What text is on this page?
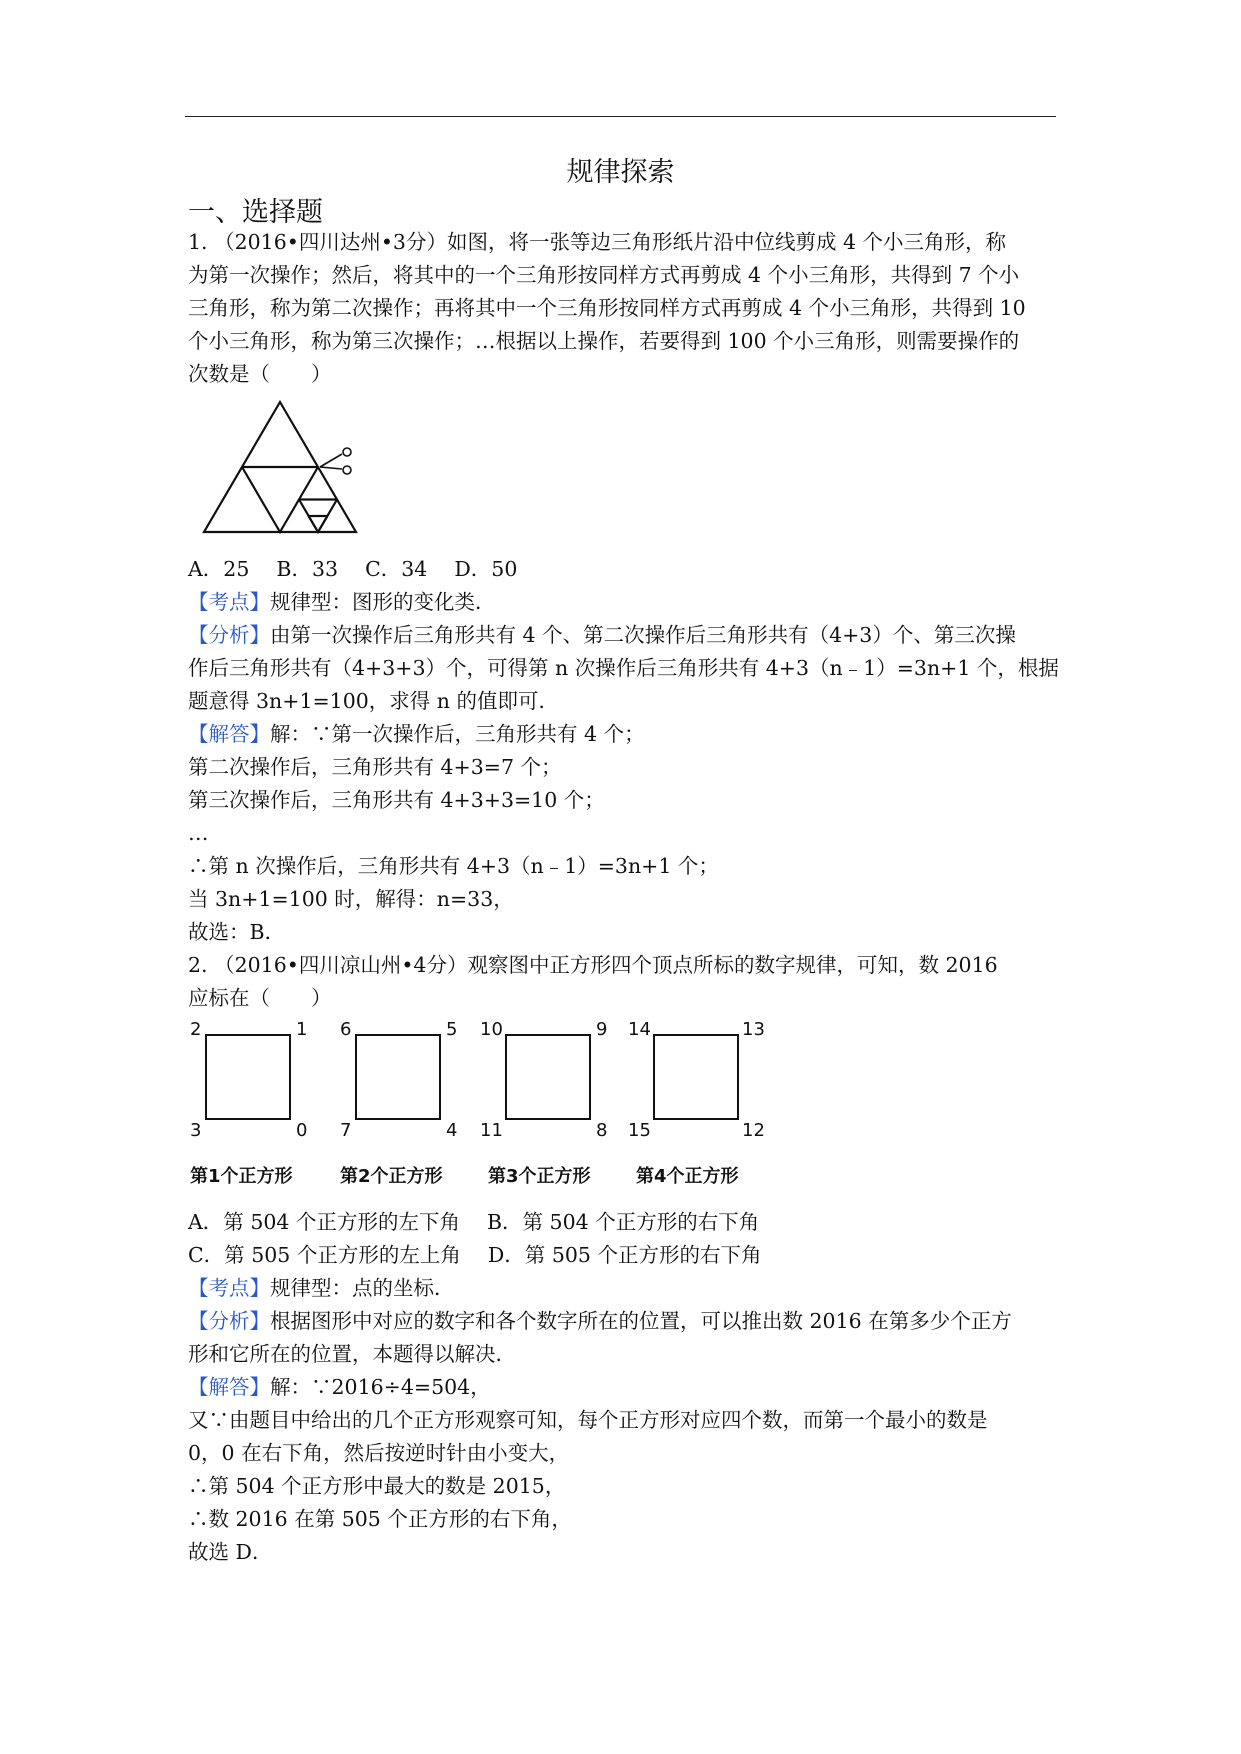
规律探索
一、选择题
1. （2016•四川达州•3分）如图，将一张等边三角形纸片沿中位线剪成 4 个小三角形，称
为第一次操作；然后，将其中的一个三角形按同样方式再剪成 4 个小三角形，共得到 7 个小
三角形，称为第二次操作；再将其中一个三角形按同样方式再剪成 4 个小三角形，共得到 10
个小三角形，称为第三次操作；…根据以上操作，若要得到 100 个小三角形，则需要操作的
次数是（　　）
A．25　 B．33　 C．34　 D．50
【考点】规律型：图形的变化类．
【分析】由第一次操作后三角形共有 4 个、第二次操作后三角形共有（4+3）个、第三次操
作后三角形共有（4+3+3）个，可得第 n 次操作后三角形共有 4+3（n﹣1）=3n+1 个，根据
题意得 3n+1=100，求得 n 的值即可．
【解答】解：∵第一次操作后，三角形共有 4 个；
第二次操作后，三角形共有 4+3=7 个；
第三次操作后，三角形共有 4+3+3=10 个；
…
∴第 n 次操作后，三角形共有 4+3（n﹣1）=3n+1 个；
当 3n+1=100 时，解得：n=33，
故选：B．
2. （2016•四川凉山州•4分）观察图中正方形四个顶点所标的数字规律，可知，数 2016
应标在（　　）
2	1
3	0
6	5
7	4
10	9
11	8
14	13
15	12
第1个正方形	第2个正方形	第3个正方形	第4个正方形
A．第 504 个正方形的左下角　 B．第 504 个正方形的右下角
C．第 505 个正方形的左上角　 D．第 505 个正方形的右下角
【考点】规律型：点的坐标．
【分析】根据图形中对应的数字和各个数字所在的位置，可以推出数 2016 在第多少个正方
形和它所在的位置，本题得以解决．
【解答】解：∵2016÷4=504，
又∵由题目中给出的几个正方形观察可知，每个正方形对应四个数，而第一个最小的数是
0，0 在右下角，然后按逆时针由小变大，
∴第 504 个正方形中最大的数是 2015，
∴数 2016 在第 505 个正方形的右下角，
故选 D．
